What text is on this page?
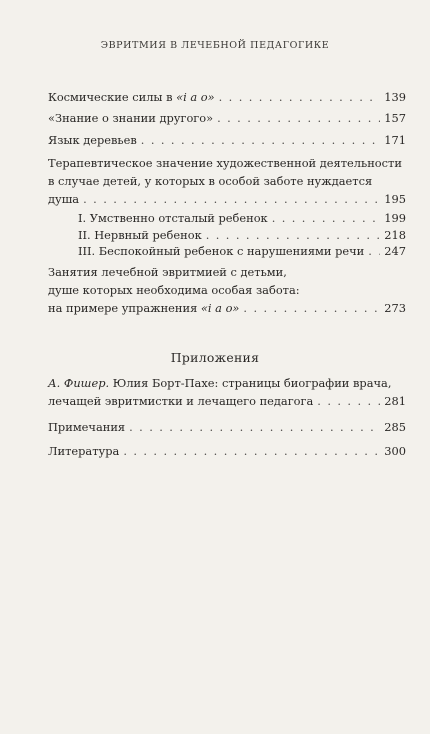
ЭВРИТМИЯ В ЛЕЧЕБНОЙ ПЕДАГОГИКЕ
Космические силы в «i a o» . . .	139
«Знание о знании другого» . . .	157
Язык деревьев . . .	171
Терапевтическое значение художественной деятельности
в случае детей, у которых в особой заботе нуждается
душа . . .	195
I. Умственно отсталый ребенок . . .	199
II. Нервный ребенок . . .	218
III. Беспокойный ребенок с нарушениями речи . . . 247
Занятия лечебной эвритмией с детьми,
душе которых необходима особая забота:
на примере упражнения «i a o» . . .	273
Приложения
А. Фишер. Юлия Борт-Пахе: страницы биографии врача,
лечащей эвритмистки и лечащего педагога . . .	281
Примечания . . .	285
Литература . . .	300
